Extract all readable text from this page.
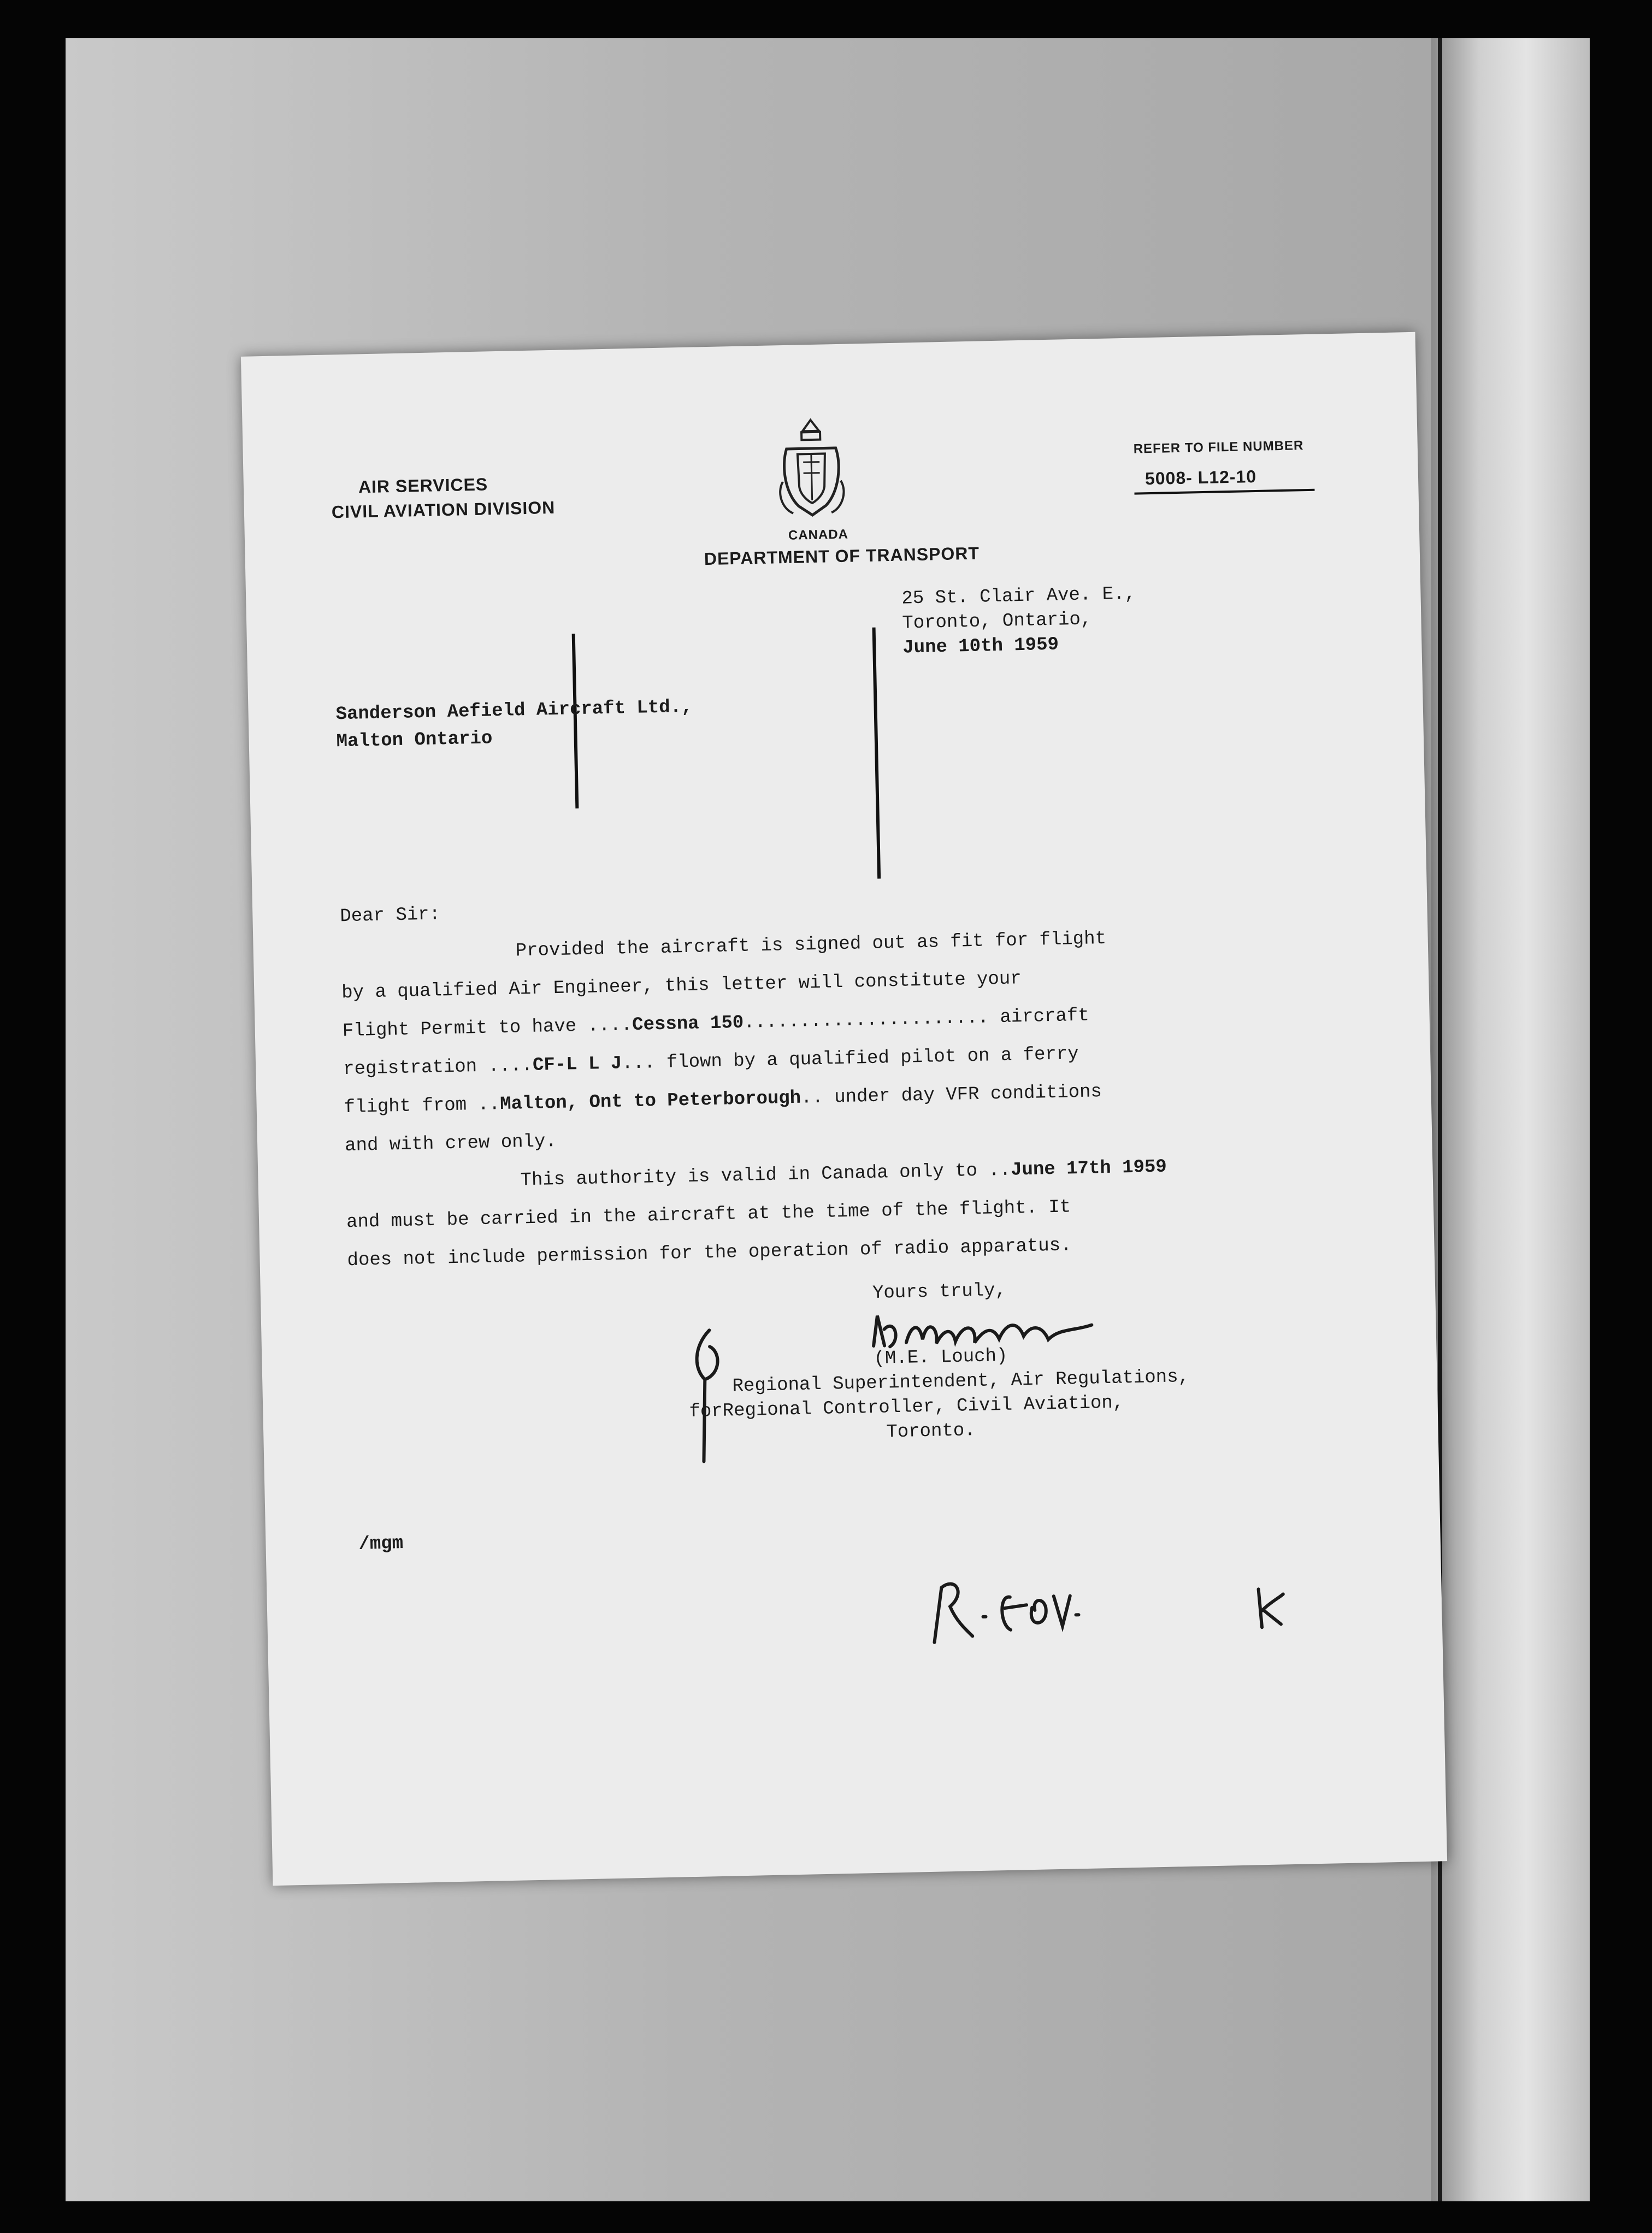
AIR SERVICES
CIVIL AVIATION DIVISION
CANADA
DEPARTMENT OF TRANSPORT
REFER TO FILE NUMBER
5008- L12-10
25 St. Clair Ave. E.,
Toronto, Ontario,
June 10th 1959
Sanderson Aefield Aircraft Ltd.,
Malton Ontario
Dear Sir:
Provided the aircraft is signed out as fit for flight
by a qualified Air Engineer, this letter will constitute your
Flight Permit to have ....Cessna 150...................... aircraft
registration ....CF-L L J... flown by a qualified pilot on a ferry
flight from ..Malton, Ont to Peterborough.. under day VFR conditions
and with crew only.
This authority is valid in Canada only to ..June 17th 1959
and must be carried in the aircraft at the time of the flight. It
does not include permission for the operation of radio apparatus.
Yours truly,
(M.E. Louch)
Regional Superintendent, Air Regulations,
forRegional Controller, Civil Aviation,
Toronto.
/mgm
